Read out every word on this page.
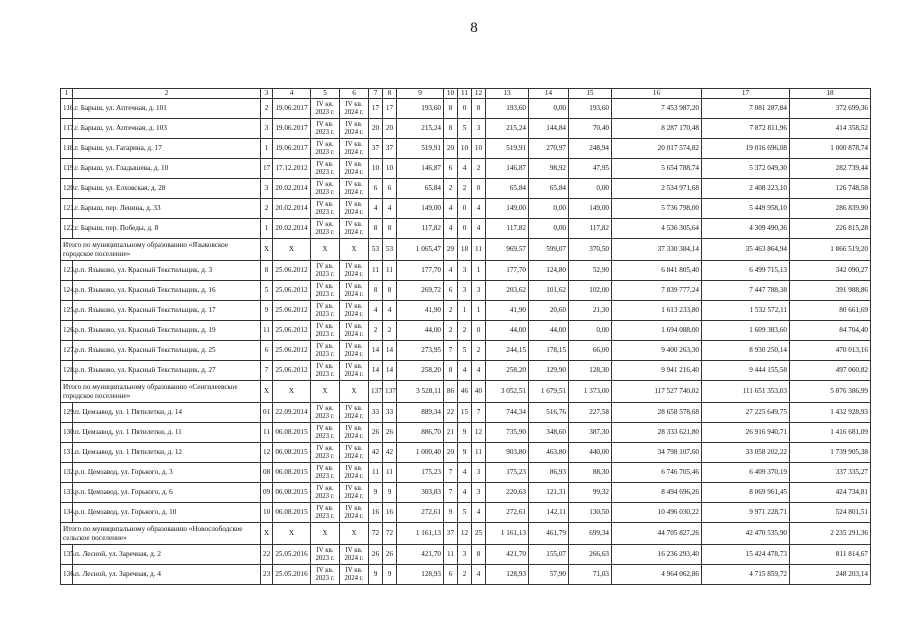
8
1	2	3	4	5	6	7	8	9	10	11	12	13	14	15	16	17	18
116.	г. Барыш, ул. Аптечная, д. 101	2	19.06.2017	IV кв. 2023 г.	IV кв. 2024 г.	17	17	193,60	8	0	8	193,60	0,00	193,60	7 453 987,20	7 081 287,84	372 699,36
117.	г. Барыш, ул. Аптечная, д. 103	3	19.06.2017	IV кв. 2023 г.	IV кв. 2024 г.	20	20	215,24	8	5	3	215,24	144,84	70,40	8 287 170,48	7 872 811,96	414 358,52
118.	г. Барыш, ул. Гагарина, д. 17	1	19.06.2017	IV кв. 2023 г.	IV кв. 2024 г.	37	37	519,91	20	10	10	519,91	270,97	248,94	20 017 574,82	19 016 696,08	1 000 878,74
119.	г. Барыш, ул. Гладышева, д. 10	17	17.12.2012	IV кв. 2023 г.	IV кв. 2024 г.	10	10	146,87	6	4	2	146,87	98,92	47,95	5 654 788,74	5 372 049,30	282 739,44
120.	г. Барыш, ул. Елховская, д. 28	3	20.02.2014	IV кв. 2023 г.	IV кв. 2024 г.	6	6	65,84	2	2	0	65,84	65,84	0,00	2 534 971,68	2 408 223,10	126 748,58
121.	г. Барыш, пер. Ленина, д. 33	2	20.02.2014	IV кв. 2023 г.	IV кв. 2024 г.	4	4	149,00	4	0	4	149,00	0,00	149,00	5 736 798,00	5 449 958,10	286 839,90
122.	г. Барыш, пер. Победы, д. 8	1	20.02.2014	IV кв. 2023 г.	IV кв. 2024 г.	8	8	117,82	4	0	4	117,82	0,00	117,82	4 536 305,64	4 309 490,36	226 815,28
Итого по муниципальному образованию «Языковское городское поселение»		X	X	X	X	53	53	1 065,47	29	18	11	969,57	599,07	370,50	37 330 384,14	35 463 864,94	1 866 519,20
123.	р.п. Языково, ул. Красный Текстильщик, д. 3	8	25.06.2012	IV кв. 2023 г.	IV кв. 2024 г.	11	11	177,70	4	3	1	177,70	124,80	52,90	6 841 805,40	6 499 715,13	342 090,27
124.	р.п. Языково, ул. Красный Текстильщик, д. 16	5	25.06.2012	IV кв. 2023 г.	IV кв. 2024 г.	8	8	269,72	6	3	3	203,62	101,62	102,00	7 839 777,24	7 447 788,38	391 988,86
125.	р.п. Языково, ул. Красный Текстильщик, д. 17	9	25.06.2012	IV кв. 2023 г.	IV кв. 2024 г.	4	4	41,90	2	1	1	41,90	20,60	21,30	1 613 233,80	1 532 572,11	80 661,69
126.	р.п. Языково, ул. Красный Текстильщик, д. 19	11	25.06.2012	IV кв. 2023 г.	IV кв. 2024 г.	2	2	44,00	2	2	0	44,00	44,00	0,00	1 694 088,00	1 609 383,60	84 704,40
127.	р.п. Языково, ул. Красный Текстильщик, д. 25	6	25.06.2012	IV кв. 2023 г.	IV кв. 2024 г.	14	14	273,95	7	5	2	244,15	178,15	66,00	9 400 263,30	8 930 250,14	470 013,16
128.	р.п. Языково, ул. Красный Текстильщик, д. 27	7	25.06.2012	IV кв. 2023 г.	IV кв. 2024 г.	14	14	258,20	8	4	4	258,20	129,90	128,30	9 941 216,40	9 444 155,58	497 060,82
Итого по муниципальному образованию «Сенгилеевское городское поселение»		X	X	X	X	137	137	3 528,11	86	46	40	3 052,51	1 679,51	1 373,00	117 527 740,02	111 651 353,03	5 876 386,99
129.	п. Цемзавод, ул. 1 Пятилетки, д. 14	01	22.09.2014	IV кв. 2023 г.	IV кв. 2024 г.	33	33	889,34	22	15	7	744,34	516,76	227,58	28 658 578,68	27 225 649,75	1 432 928,93
130.	п. Цемзавод, ул. 1 Пятилетки, д. 11	11	06.08.2015	IV кв. 2023 г.	IV кв. 2024 г.	26	26	886,70	21	9	12	735,90	348,60	387,30	28 333 621,80	26 916 940,71	1 416 681,09
131.	п. Цемзавод, ул. 1 Пятилетки, д. 12	12	06.08.2015	IV кв. 2023 г.	IV кв. 2024 г.	42	42	1 000,40	20	9	11	903,80	463,80	440,00	34 798 107,60	33 058 202,22	1 739 905,38
132.	р.п. Цемзавод, ул. Горького, д. 3	08	06.08.2015	IV кв. 2023 г.	IV кв. 2024 г.	11	11	175,23	7	4	3	175,23	86,93	88,30	6 746 705,46	6 409 370,19	337 335,27
133.	р.п. Цемзавод, ул. Горького, д. 6	09	06.08.2015	IV кв. 2023 г.	IV кв. 2024 г.	9	9	303,83	7	4	3	220,63	121,31	99,32	8 494 696,26	8 069 961,45	424 734,81
134.	р.п. Цемзавод, ул. Горького, д. 10	10	06.08.2015	IV кв. 2023 г.	IV кв. 2024 г.	16	16	272,61	9	5	4	272,61	142,11	130,50	10 496 030,22	9 971 228,71	524 801,51
Итого по муниципальному образованию «Новослободское сельское поселение»		X	X	X	X	72	72	1 161,13	37	12	25	1 161,13	461,79	699,34	44 705 827,26	42 470 535,90	2 235 291,36
135.	п. Лесной, ул. Заречная, д. 2	22	25.05.2016	IV кв. 2023 г.	IV кв. 2024 г.	26	26	421,70	11	3	8	421,70	155,07	266,63	16 236 293,40	15 424 478,73	811 814,67
136.	п. Лесной, ул. Заречная, д. 4	23	25.05.2016	IV кв. 2023 г.	IV кв. 2024 г.	9	9	128,93	6	2	4	128,93	57,90	71,03	4 964 062,86	4 715 859,72	248 203,14
